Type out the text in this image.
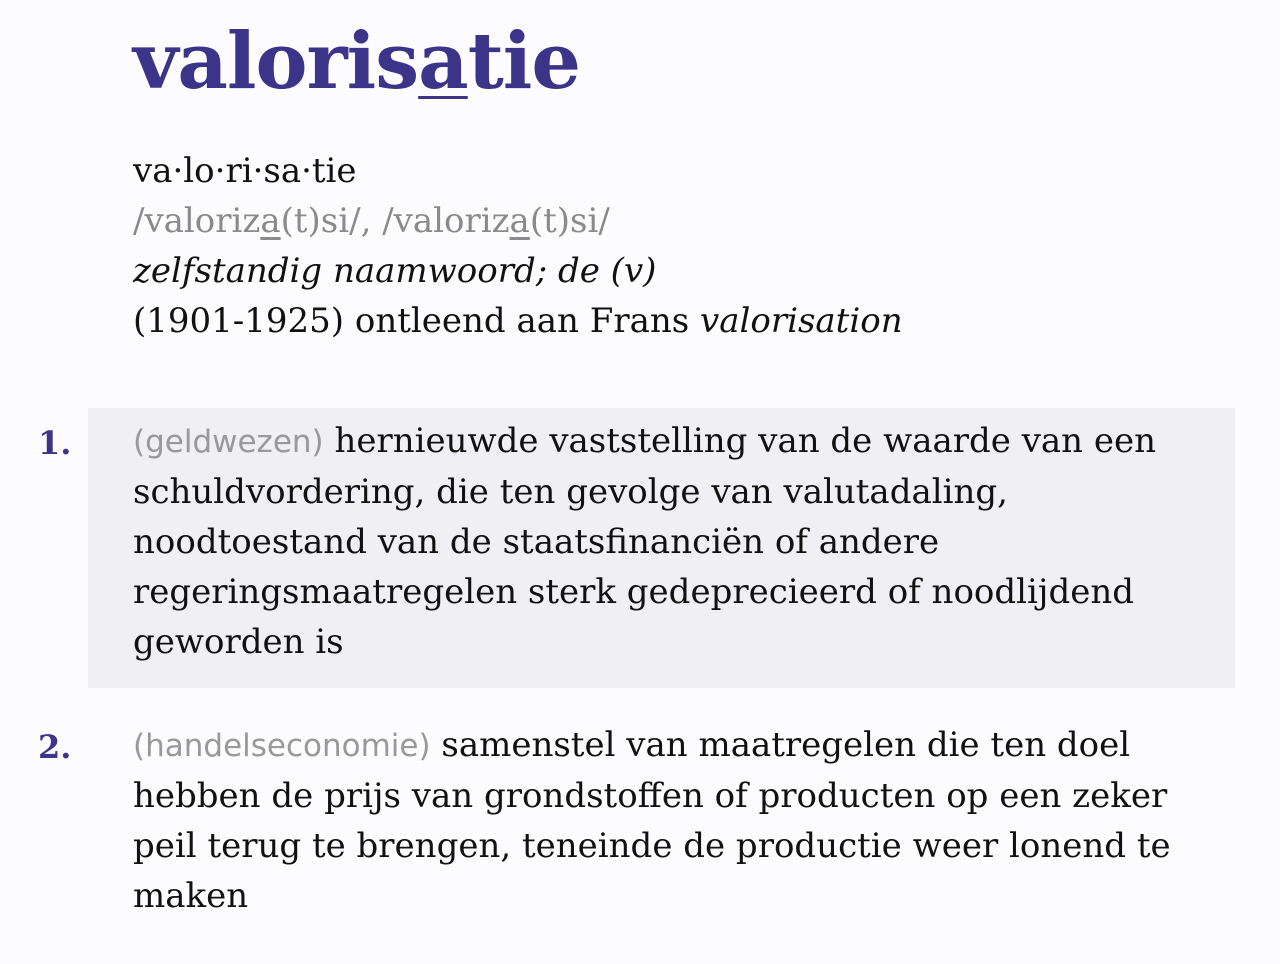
valorisatie
va·lo·ri·sa·tie
/valoriza(t)si/, /valoriza(t)si/
zelfstandig naamwoord; de (v)
(1901-1925) ontleend aan Frans valorisation
1. (geldwezen) hernieuwde vaststelling van de waarde van een
schuldvordering, die ten gevolge van valutadaling,
noodtoestand van de staatsfinanciën of andere
regeringsmaatregelen sterk gedeprecieerd of noodlijdend
geworden is
2. (handelseconomie) samenstel van maatregelen die ten doel
hebben de prijs van grondstoffen of producten op een zeker
peil terug te brengen, teneinde de productie weer lonend te
maken
